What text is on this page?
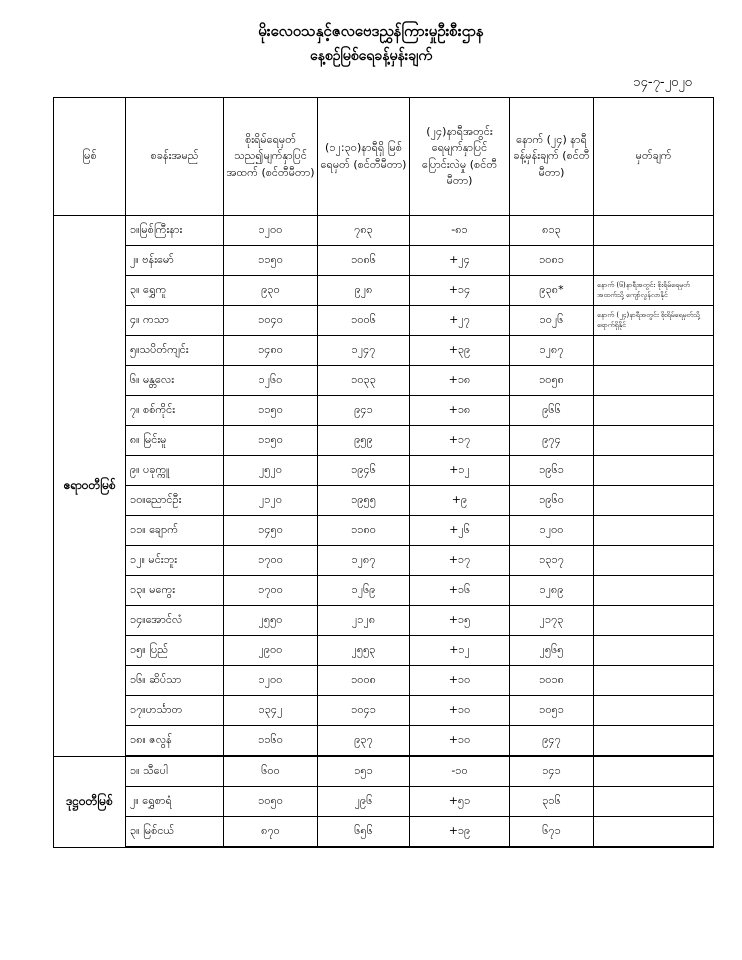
မိုးလေဝသနှင့်ဇလဗေဒညွှန်ကြားမှုဦးစီးဌာန
နေ့စဉ်မြစ်ရေခန့်မှန်းချက်
၁၄-၇-၂၀၂၀
မြစ်	စခန်းအမည်	စိုးရိမ်ရေမှတ် သည၍မျက်နှာပြင် အထက် (စင်တီမီတာ)	(၁၂:၃၀)နာရီရှိ မြစ်ရေမှတ် (စင်တီမီတာ)	(၂၄)နာရီအတွင်း ရေမျက်နှာပြင် ပြောင်းလဲမှု (စင်တီမီတာ)	နောက် (၂၄) နာရီ ခန့်မှန်းချက် (စင်တီမီတာ)	မှတ်ချက်
ဧရာဝတီမြစ်	၁။မြစ်ကြီးနား	၁၂၀၀	၇၈၃	-၈၁	၈၁၃	
	၂။ ဗန်းမော်	၁၁၅၀	၁၀၈၆	+၂၄	၁၀၈၁	
	၃။ ရွှေကူ	၉၃၀	၉၂၈	+၁၄	၉၃၈*	နောက် (၆)နာရီအတွင်း စိုးရိမ်ရေမှတ် အထက်သို့ ကျော်လွန်လာနိုင်
	၄။ ကသာ	၁၀၄၀	၁၀၀၆	+၂၇	၁၀၂၆	နောက် (၂၄)နာရီအတွင်း စိုးရိမ်ရေမှတ်သို့ရောက်ရှိနိုင်
	၅။သပိတ်ကျင်း	၁၄၈၀	၁၂၄၇	+၃၉	၁၂၈၇	
	၆။ မန္တလေး	၁၂၆၀	၁၀၃၃	+၁၈	၁၀၅၈	
	၇။ စစ်ကိုင်း	၁၁၅၀	၉၄၁	+၁၈	၉၆၆	
	၈။ မြင်းမူ	၁၁၅၀	၉၅၉	+၁၇	၉၇၄	
	၉။ ပခုက္ကူ	၂၅၂၀	၁၉၄၆	+၁၂	၁၉၆၁	
	၁၀။ညောင်ဦး	၂၁၂၀	၁၉၅၅	+၉	၁၉၆၀	
	၁၁။ ချောက်	၁၄၅၀	၁၁၈၀	+၂၆	၁၂၀၀	
	၁၂။ မင်းဘူး	၁၇၀၀	၁၂၈၇	+၁၇	၁၃၁၇	
	၁၃။ မကွေး	၁၇၀၀	၁၂၆၉	+၁၆	၁၂၈၉	
	၁၄။အောင်လံ	၂၅၅၀	၂၁၂၈	+၁၅	၂၁၇၃	
	၁၅။ ပြည်	၂၉၀၀	၂၅၅၃	+၁၂	၂၅၆၅	
	၁၆။ ဆိပ်သာ	၁၂၀၀	၁၀၀၈	+၁၀	၁၀၁၈	
	၁၇။ဟင်္သာတ	၁၃၄၂	၁၀၄၁	+၁၀	၁၀၅၁	
	၁၈။ ဇလွန်	၁၁၆၀	၉၃၇	+၁၀	၉၄၇	
ဒုဋ္ဌဝတီမြစ်	၁။ သီပေါ	၆၀၀	၁၅၁	-၁၀	၁၄၁	
	၂။ ရွှေစာရံ	၁၀၅၀	၂၉၆	+၅၁	၃၁၆	
	၃။ မြစ်ငယ်	၈၇၀	၆၅၆	+၁၉	၆၇၁	
